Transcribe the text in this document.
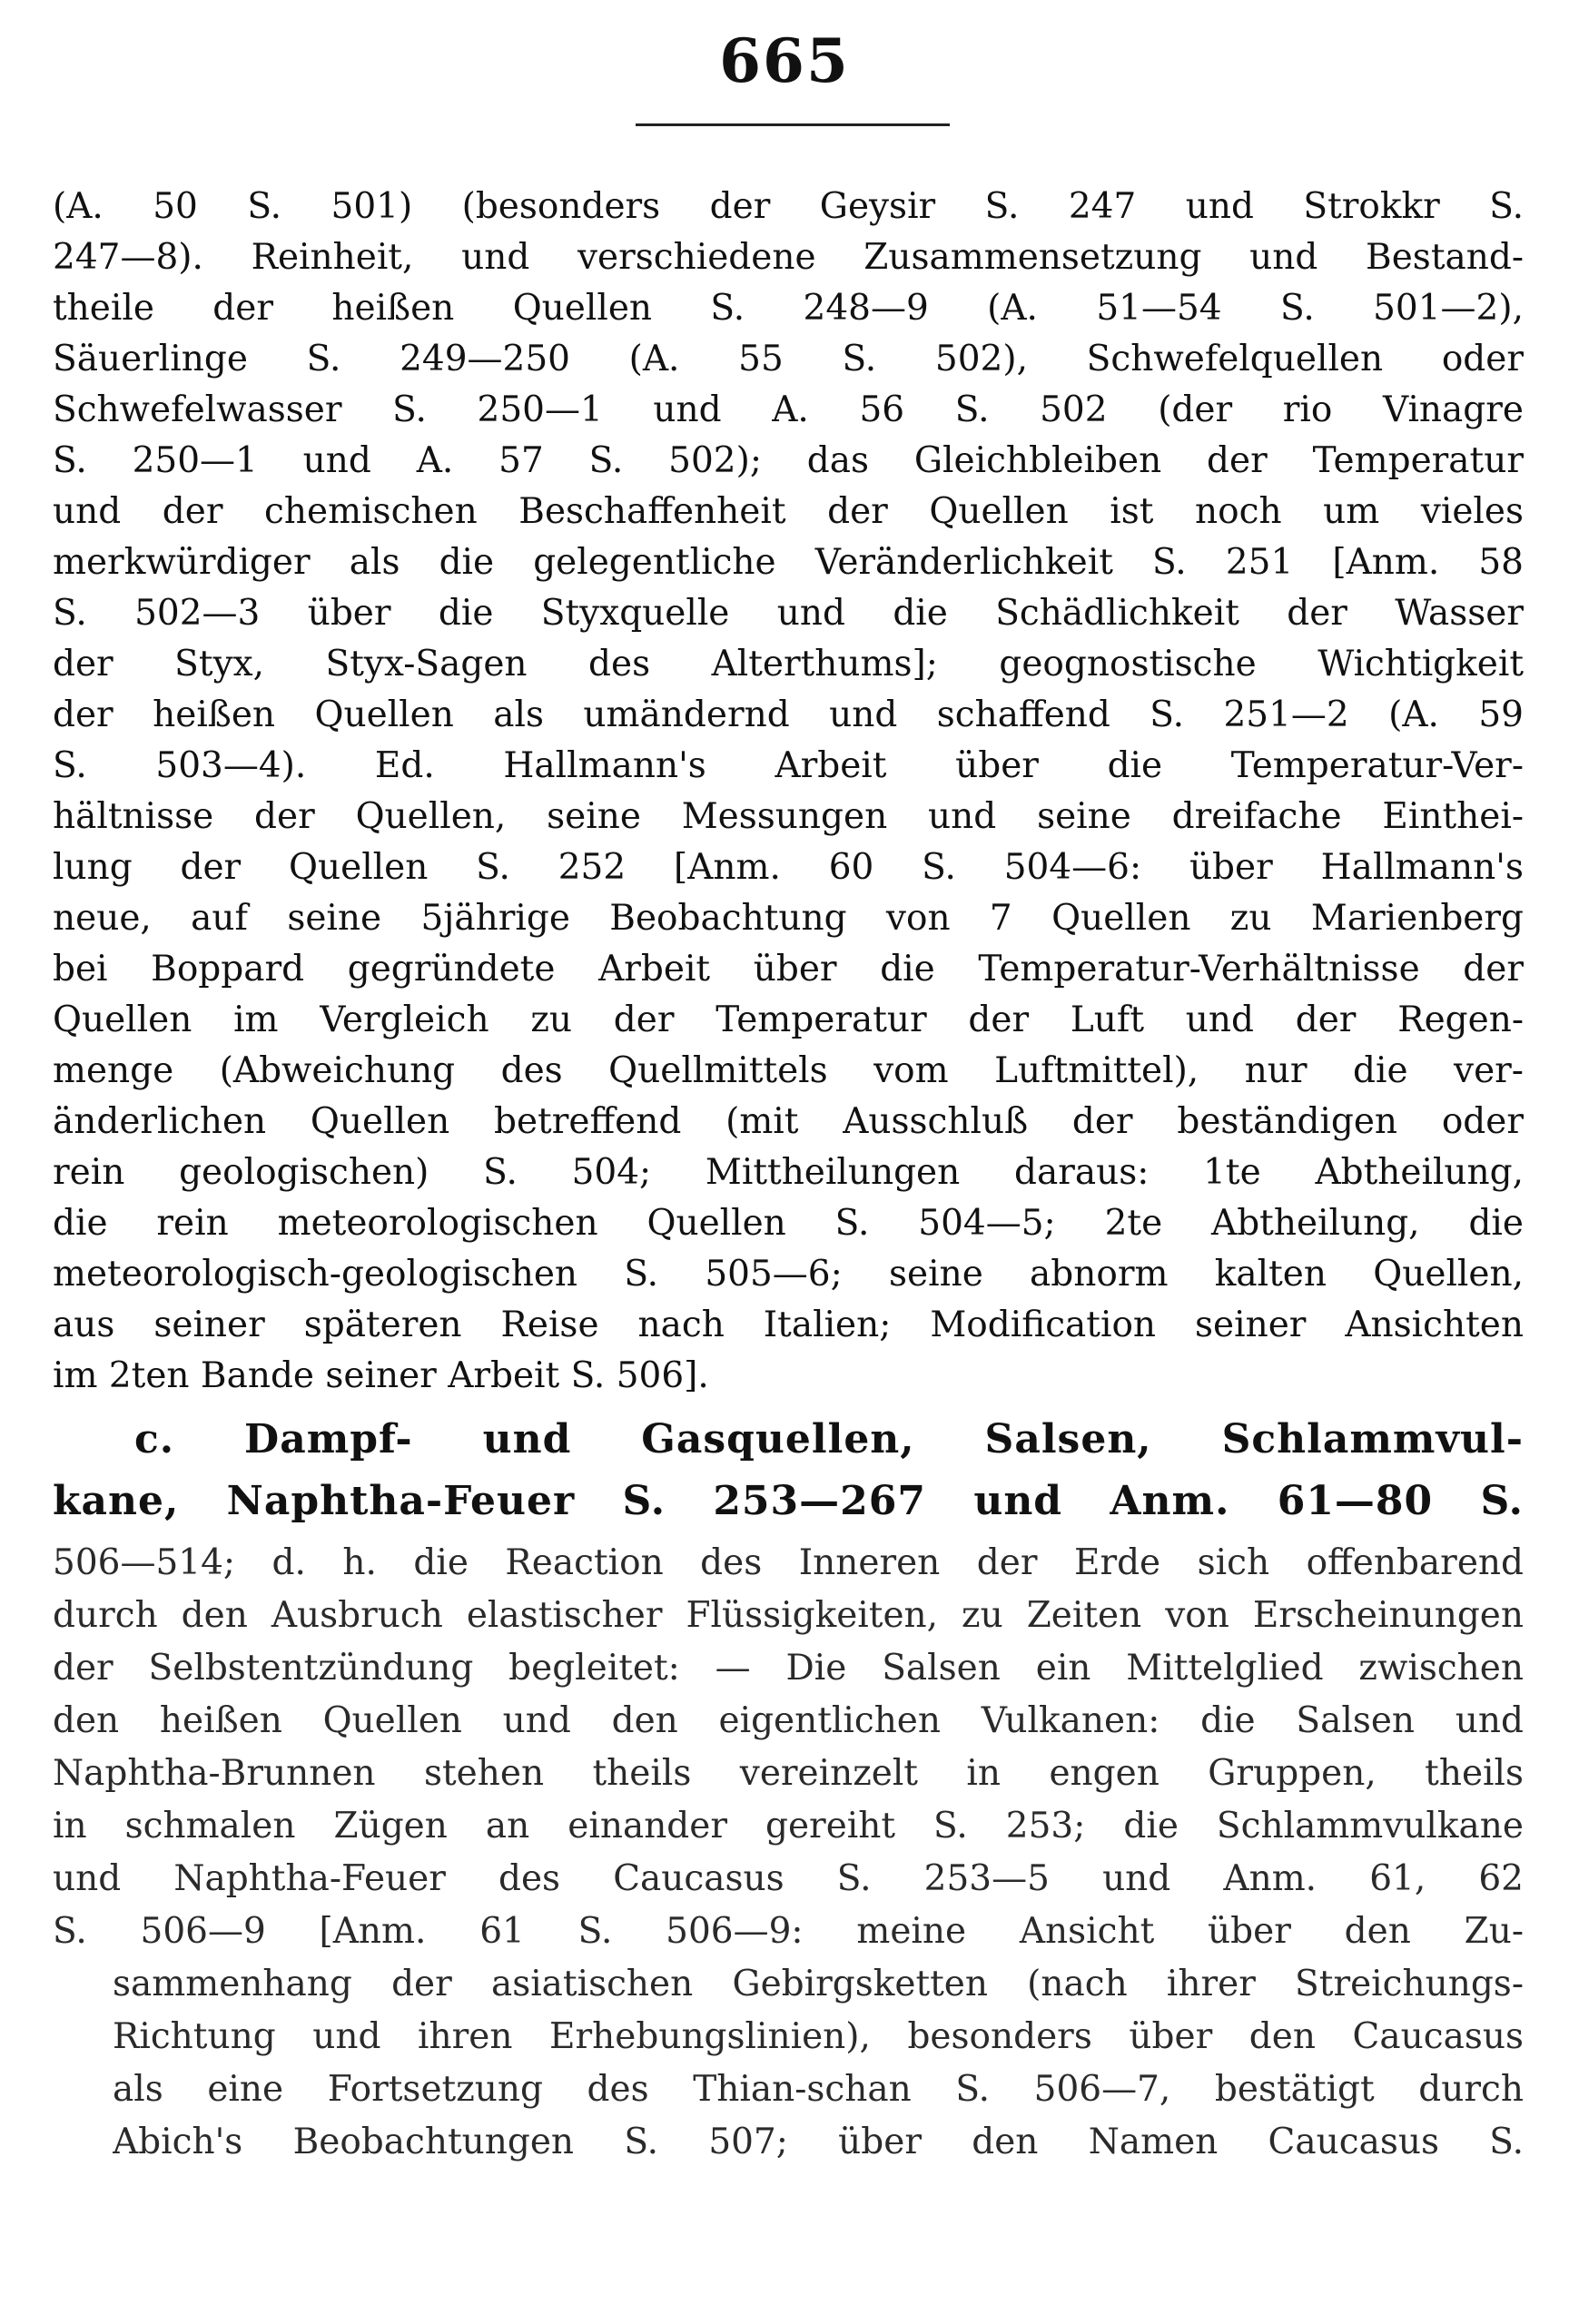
665
(A. 50 S. 501) (besonders der Geysir S. 247 und Strokkr S.
247—8). Reinheit, und verschiedene Zusammensetzung und Bestand-
theile der heißen Quellen S. 248—9 (A. 51—54 S. 501—2),
Säuerlinge S. 249—250 (A. 55 S. 502), Schwefelquellen oder
Schwefelwasser S. 250—1 und A. 56 S. 502 (der rio Vinagre
S. 250—1 und A. 57 S. 502); das Gleichbleiben der Temperatur
und der chemischen Beschaffenheit der Quellen ist noch um vieles
merkwürdiger als die gelegentliche Veränderlichkeit S. 251 [Anm. 58
S. 502—3 über die Styxquelle und die Schädlichkeit der Wasser
der Styx, Styx-Sagen des Alterthums]; geognostische Wichtigkeit
der heißen Quellen als umändernd und schaffend S. 251—2 (A. 59
S. 503—4). Ed. Hallmann's Arbeit über die Temperatur-Ver-
hältnisse der Quellen, seine Messungen und seine dreifache Einthei-
lung der Quellen S. 252 [Anm. 60 S. 504—6: über Hallmann's
neue, auf seine 5jährige Beobachtung von 7 Quellen zu Marienberg
bei Boppard gegründete Arbeit über die Temperatur-Verhältnisse der
Quellen im Vergleich zu der Temperatur der Luft und der Regen-
menge (Abweichung des Quellmittels vom Luftmittel), nur die ver-
änderlichen Quellen betreffend (mit Ausschluß der beständigen oder
rein geologischen) S. 504; Mittheilungen daraus: 1te Abtheilung,
die rein meteorologischen Quellen S. 504—5; 2te Abtheilung, die
meteorologisch-geologischen S. 505—6; seine abnorm kalten Quellen,
aus seiner späteren Reise nach Italien; Modification seiner Ansichten
im 2ten Bande seiner Arbeit S. 506].
c. Dampf- und Gasquellen, Salsen, Schlammvul-
kane, Naphtha-Feuer S. 253—267 und Anm. 61—80 S.
506—514; d. h. die Reaction des Inneren der Erde sich offenbarend
durch den Ausbruch elastischer Flüssigkeiten, zu Zeiten von Erscheinungen
der Selbstentzündung begleitet: — Die Salsen ein Mittelglied zwischen
den heißen Quellen und den eigentlichen Vulkanen: die Salsen und
Naphtha-Brunnen stehen theils vereinzelt in engen Gruppen, theils
in schmalen Zügen an einander gereiht S. 253; die Schlammvulkane
und Naphtha-Feuer des Caucasus S. 253—5 und Anm. 61, 62
S. 506—9 [Anm. 61 S. 506—9: meine Ansicht über den Zu-
sammenhang der asiatischen Gebirgsketten (nach ihrer Streichungs-
Richtung und ihren Erhebungslinien), besonders über den Caucasus
als eine Fortsetzung des Thian-schan S. 506—7, bestätigt durch
Abich's Beobachtungen S. 507; über den Namen Caucasus S.
